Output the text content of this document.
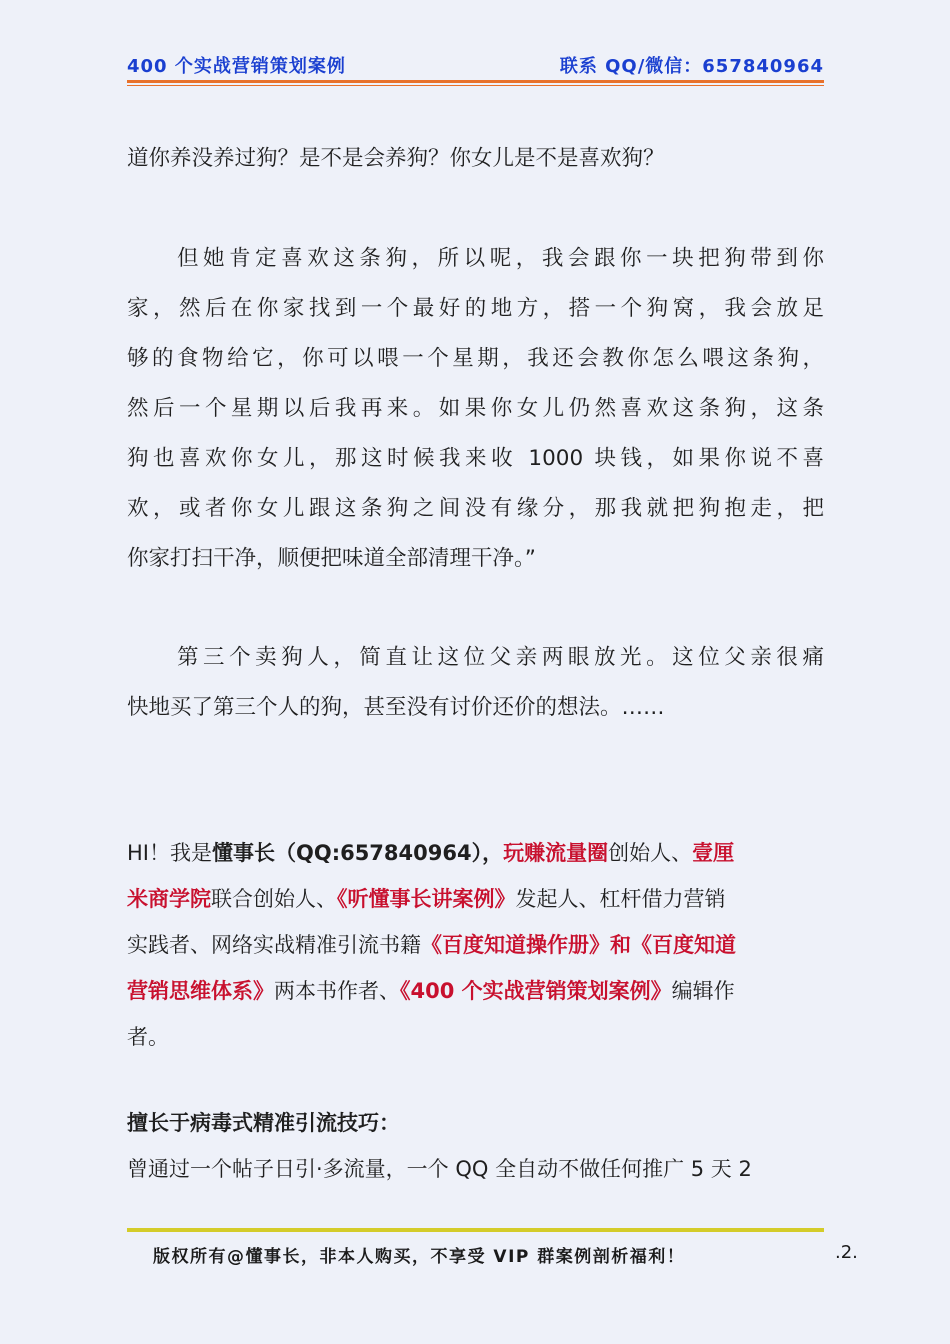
400 个实战营销策划案例	联系 QQ/微信：657840964
道你养没养过狗？是不是会养狗？你女儿是不是喜欢狗？
但她肯定喜欢这条狗，所以呢，我会跟你一块把狗带到你
家，然后在你家找到一个最好的地方，搭一个狗窝，我会放足
够的食物给它，你可以喂一个星期，我还会教你怎么喂这条狗，
然后一个星期以后我再来。如果你女儿仍然喜欢这条狗，这条
狗也喜欢你女儿，那这时候我来收 1000 块钱，如果你说不喜
欢，或者你女儿跟这条狗之间没有缘分，那我就把狗抱走，把
你家打扫干净，顺便把味道全部清理干净。”
第三个卖狗人，简直让这位父亲两眼放光。这位父亲很痛
快地买了第三个人的狗，甚至没有讨价还价的想法。……
HI！我是懂事长（QQ:657840964），玩赚流量圈创始人、壹厘
米商学院联合创始人、《听懂事长讲案例》发起人、杠杆借力营销
实践者、网络实战精准引流书籍《百度知道操作册》和《百度知道
营销思维体系》两本书作者、《400 个实战营销策划案例》编辑作
者。
擅长于病毒式精准引流技巧：
曾通过一个帖子日引·多流量，一个 QQ 全自动不做任何推广 5 天 2
版权所有@懂事长，非本人购买，不享受 VIP 群案例剖析福利！	.2.
